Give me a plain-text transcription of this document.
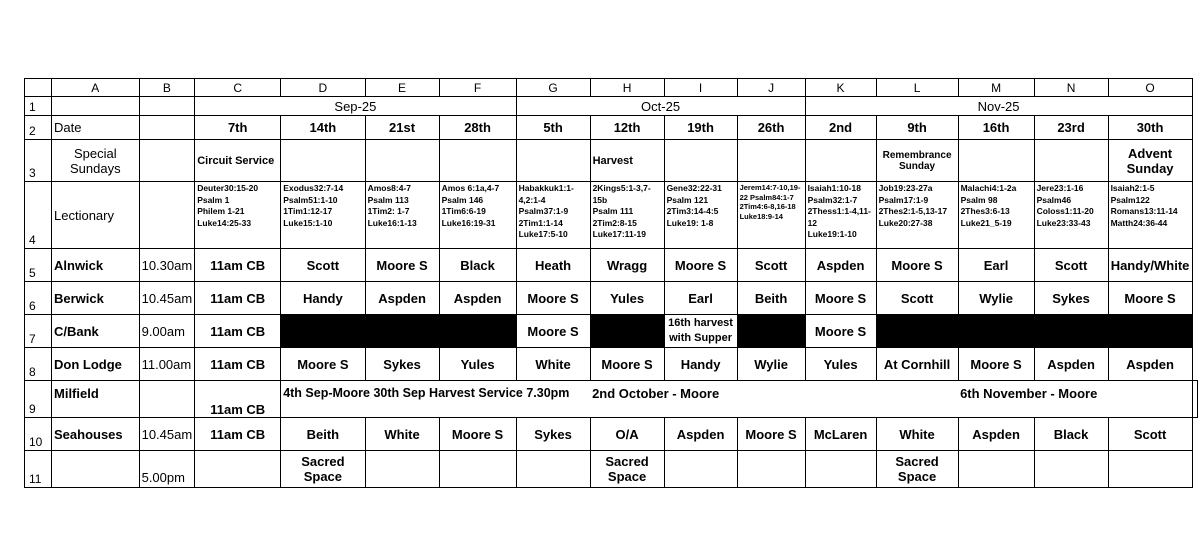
	A	B	C	D	E	F	G	H	I	J	K	L	M	N	O	
1			Sep-25				Oct-25				Nov-25					
2	Date		7th	14th	21st	28th	5th	12th	19th	26th	2nd	9th	16th	23rd	30th	
3	Special Sundays		Circuit Service					Harvest				Remembrance Sunday			Advent Sunday	
4	Lectionary		Deuter30:15-20
Psalm 1
Philem 1-21
Luke14:25-33	Exodus32:7-14
Psalm51:1-10
1Tim1:12-17
Luke15:1-10	Amos8:4-7
Psalm 113
1Tim2: 1-7
Luke16:1-13	Amos 6:1a,4-7
Psalm 146
1Tim6:6-19
Luke16:19-31	Habakkuk1:1-4,2:1-4
Psalm37:1-9
2Tim1:1-14
Luke17:5-10	2Kings5:1-3,7-15b
Psalm 111
2Tim2:8-15
Luke17:11-19	Gene32:22-31
Psalm 121
2Tim3:14-4:5
Luke19: 1-8	Jerem14:7-10,19-22 Psalm84:1-7 2Tim4:6-8,16-18 Luke18:9-14	Isaiah1:10-18
Psalm32:1-7
2Thess1:1-4,11-12
Luke19:1-10	Job19:23-27a
Psalm17:1-9
2Thes2:1-5,13-17
Luke20:27-38	Malachi4:1-2a
Psalm 98
2Thes3:6-13
Luke21_5-19	Jere23:1-16
Psalm46
Coloss1:11-20
Luke23:33-43	Isaiah2:1-5
Psalm122
Romans13:11-14
Matth24:36-44	
5	Alnwick	10.30am	11am CB	Scott	Moore S	Black	Heath	Wragg	Moore S	Scott	Aspden	Moore S	Earl	Scott	Handy/White	
6	Berwick	10.45am	11am CB	Handy	Aspden	Aspden	Moore S	Yules	Earl	Beith	Moore S	Scott	Wylie	Sykes	Moore S	
7	C/Bank	9.00am	11am CB				Moore S		16th harvest with Supper		Moore S					
8	Don Lodge	11.00am	11am CB	Moore S	Sykes	Yules	White	Moore S	Handy	Wylie	Yules	At Cornhill	Moore S	Aspden	Aspden	
9	Milfield		11am CB	4th Sep-Moore 30th Sep Harvest Service 7.30pm				2nd October - Moore					6th November - Moore			
10	Seahouses	10.45am	11am CB	Beith	White	Moore S	Sykes	O/A	Aspden	Moore S	McLaren	White	Aspden	Black	Scott	
11		5.00pm		Sacred Space				Sacred Space				Sacred Space				
